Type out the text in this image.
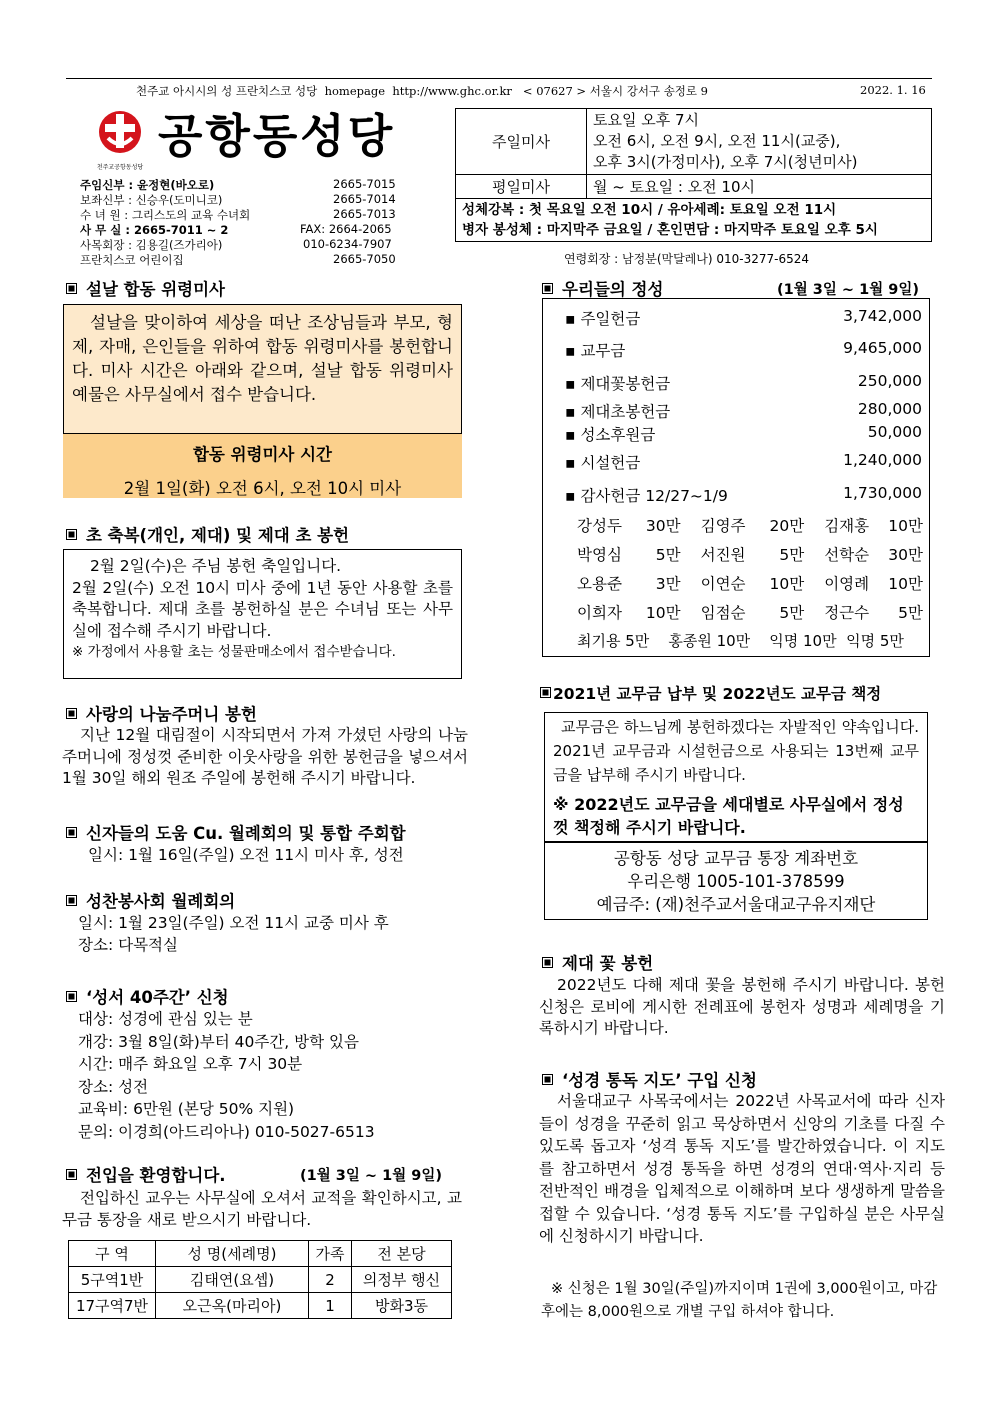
천주교 아시시의 성 프란치스코 성당 homepage http://www.ghc.or.kr < 07627 > 서울시 강서구 송정로 9	2022. 1. 16
천주교공항동성당
공항동성당
주임신부 : 윤정현(바오로)	2665-7015
보좌신부 : 신승우(도미니코)	2665-7014
수 녀 원 : 그리스도의 교육 수녀회	2665-7013
사 무 실 : 2665-7011 ~ 2	FAX: 2664-2065
사목회장 : 김용길(즈가리아)	010-6234-7907
프란치스코 어린이집	2665-7050
주일미사	토요일 오후 7시
오전 6시, 오전 9시, 오전 11시(교중),
오후 3시(가정미사), 오후 7시(청년미사)

평일미사	월 ~ 토요일 : 오전 10시

성체강복 : 첫 목요일 오전 10시 / 유아세례: 토요일 오전 11시
병자 봉성체 : 마지막주 금요일 / 혼인면담 : 마지막주 토요일 오후 5시	
연령회장 : 남정분(막달레나) 010-3277-6524
설날 합동 위령미사
설날을 맞이하여 세상을 떠난 조상님들과 부모, 형제, 자매, 은인들을 위하여 합동 위령미사를 봉헌합니다. 미사 시간은 아래와 같으며, 설날 합동 위령미사예물은 사무실에서 접수 받습니다.
합동 위령미사 시간
2월 1일(화) 오전 6시, 오전 10시 미사
초 축복(개인, 제대) 및 제대 초 봉헌
2월 2일(수)은 주님 봉헌 축일입니다.
2월 2일(수) 오전 10시 미사 중에 1년 동안 사용할 초를 축복합니다. 제대 초를 봉헌하실 분은 수녀님 또는 사무실에 접수해 주시기 바랍니다.
※ 가정에서 사용할 초는 성물판매소에서 접수받습니다.
사랑의 나눔주머니 봉헌
지난 12월 대림절이 시작되면서 가져 가셨던 사랑의 나눔주머니에 정성껏 준비한 이웃사랑을 위한 봉헌금을 넣으셔서 1월 30일 해외 원조 주일에 봉헌해 주시기 바랍니다.
신자들의 도움 Cu. 월례회의 및 통합 주회합
일시: 1월 16일(주일) 오전 11시 미사 후, 성전
성찬봉사회 월례회의
일시: 1월 23일(주일) 오전 11시 교중 미사 후
장소: 다목적실
‘성서 40주간’ 신청
대상: 성경에 관심 있는 분
개강: 3월 8일(화)부터 40주간, 방학 있음
시간: 매주 화요일 오후 7시 30분
장소: 성전
교육비: 6만원 (본당 50% 지원)
문의: 이경희(아드리아나) 010-5027-6513
전입을 환영합니다.	(1월 3일 ~ 1월 9일)
전입하신 교우는 사무실에 오셔서 교적을 확인하시고, 교무금 통장을 새로 받으시기 바랍니다.
구 역	성 명(세례명)	가족	전 본당
5구역1반	김태연(요셉)	2	의정부 행신
17구역7반	오근옥(마리아)	1	방화3동
우리들의 정성	(1월 3일 ~ 1월 9일)
▪ 주일헌금	3,742,000
▪ 교무금	9,465,000
▪ 제대꽃봉헌금	250,000
▪ 제대초봉헌금	280,000
▪ 성소후원금	50,000
▪ 시설헌금	1,240,000
▪ 감사헌금 12/27~1/9	1,730,000
강성두	30만	김영주	20만	김재홍	10만
박영심	5만	서진원	5만	선학순	30만
오용준	3만	이연순	10만	이영례	10만
이희자	10만	임점순	5만	정근수	5만
최기용 5만    홍종원 10만    익명 10만  익명 5만
2021년 교무금 납부 및 2022년도 교무금 책정
교무금은 하느님께 봉헌하겠다는 자발적인 약속입니다. 2021년 교무금과 시설헌금으로 사용되는 13번째 교무금을 납부해 주시기 바랍니다.
※ 2022년도 교무금을 세대별로 사무실에서 정성껏 책정해 주시기 바랍니다.
공항동 성당 교무금 통장 계좌번호
우리은행 1005-101-378599
예금주: (재)천주교서울대교구유지재단
제대 꽃 봉헌
2022년도 다해 제대 꽃을 봉헌해 주시기 바랍니다. 봉헌 신청은 로비에 게시한 전례표에 봉헌자 성명과 세례명을 기록하시기 바랍니다.
‘성경 통독 지도’ 구입 신청
서울대교구 사목국에서는 2022년 사목교서에 따라 신자들이 성경을 꾸준히 읽고 묵상하면서 신앙의 기초를 다질 수 있도록 돕고자 ‘성격 통독 지도’를 발간하였습니다. 이 지도를 참고하면서 성경 통독을 하면 성경의 연대‧역사‧지리 등 전반적인 배경을 입체적으로 이해하며 보다 생생하게 말씀을 접할 수 있습니다. ‘성경 통독 지도’를 구입하실 분은 사무실에 신청하시기 바랍니다.
※ 신청은 1월 30일(주일)까지이며 1권에 3,000원이고, 마감 후에는 8,000원으로 개별 구입 하셔야 합니다.
